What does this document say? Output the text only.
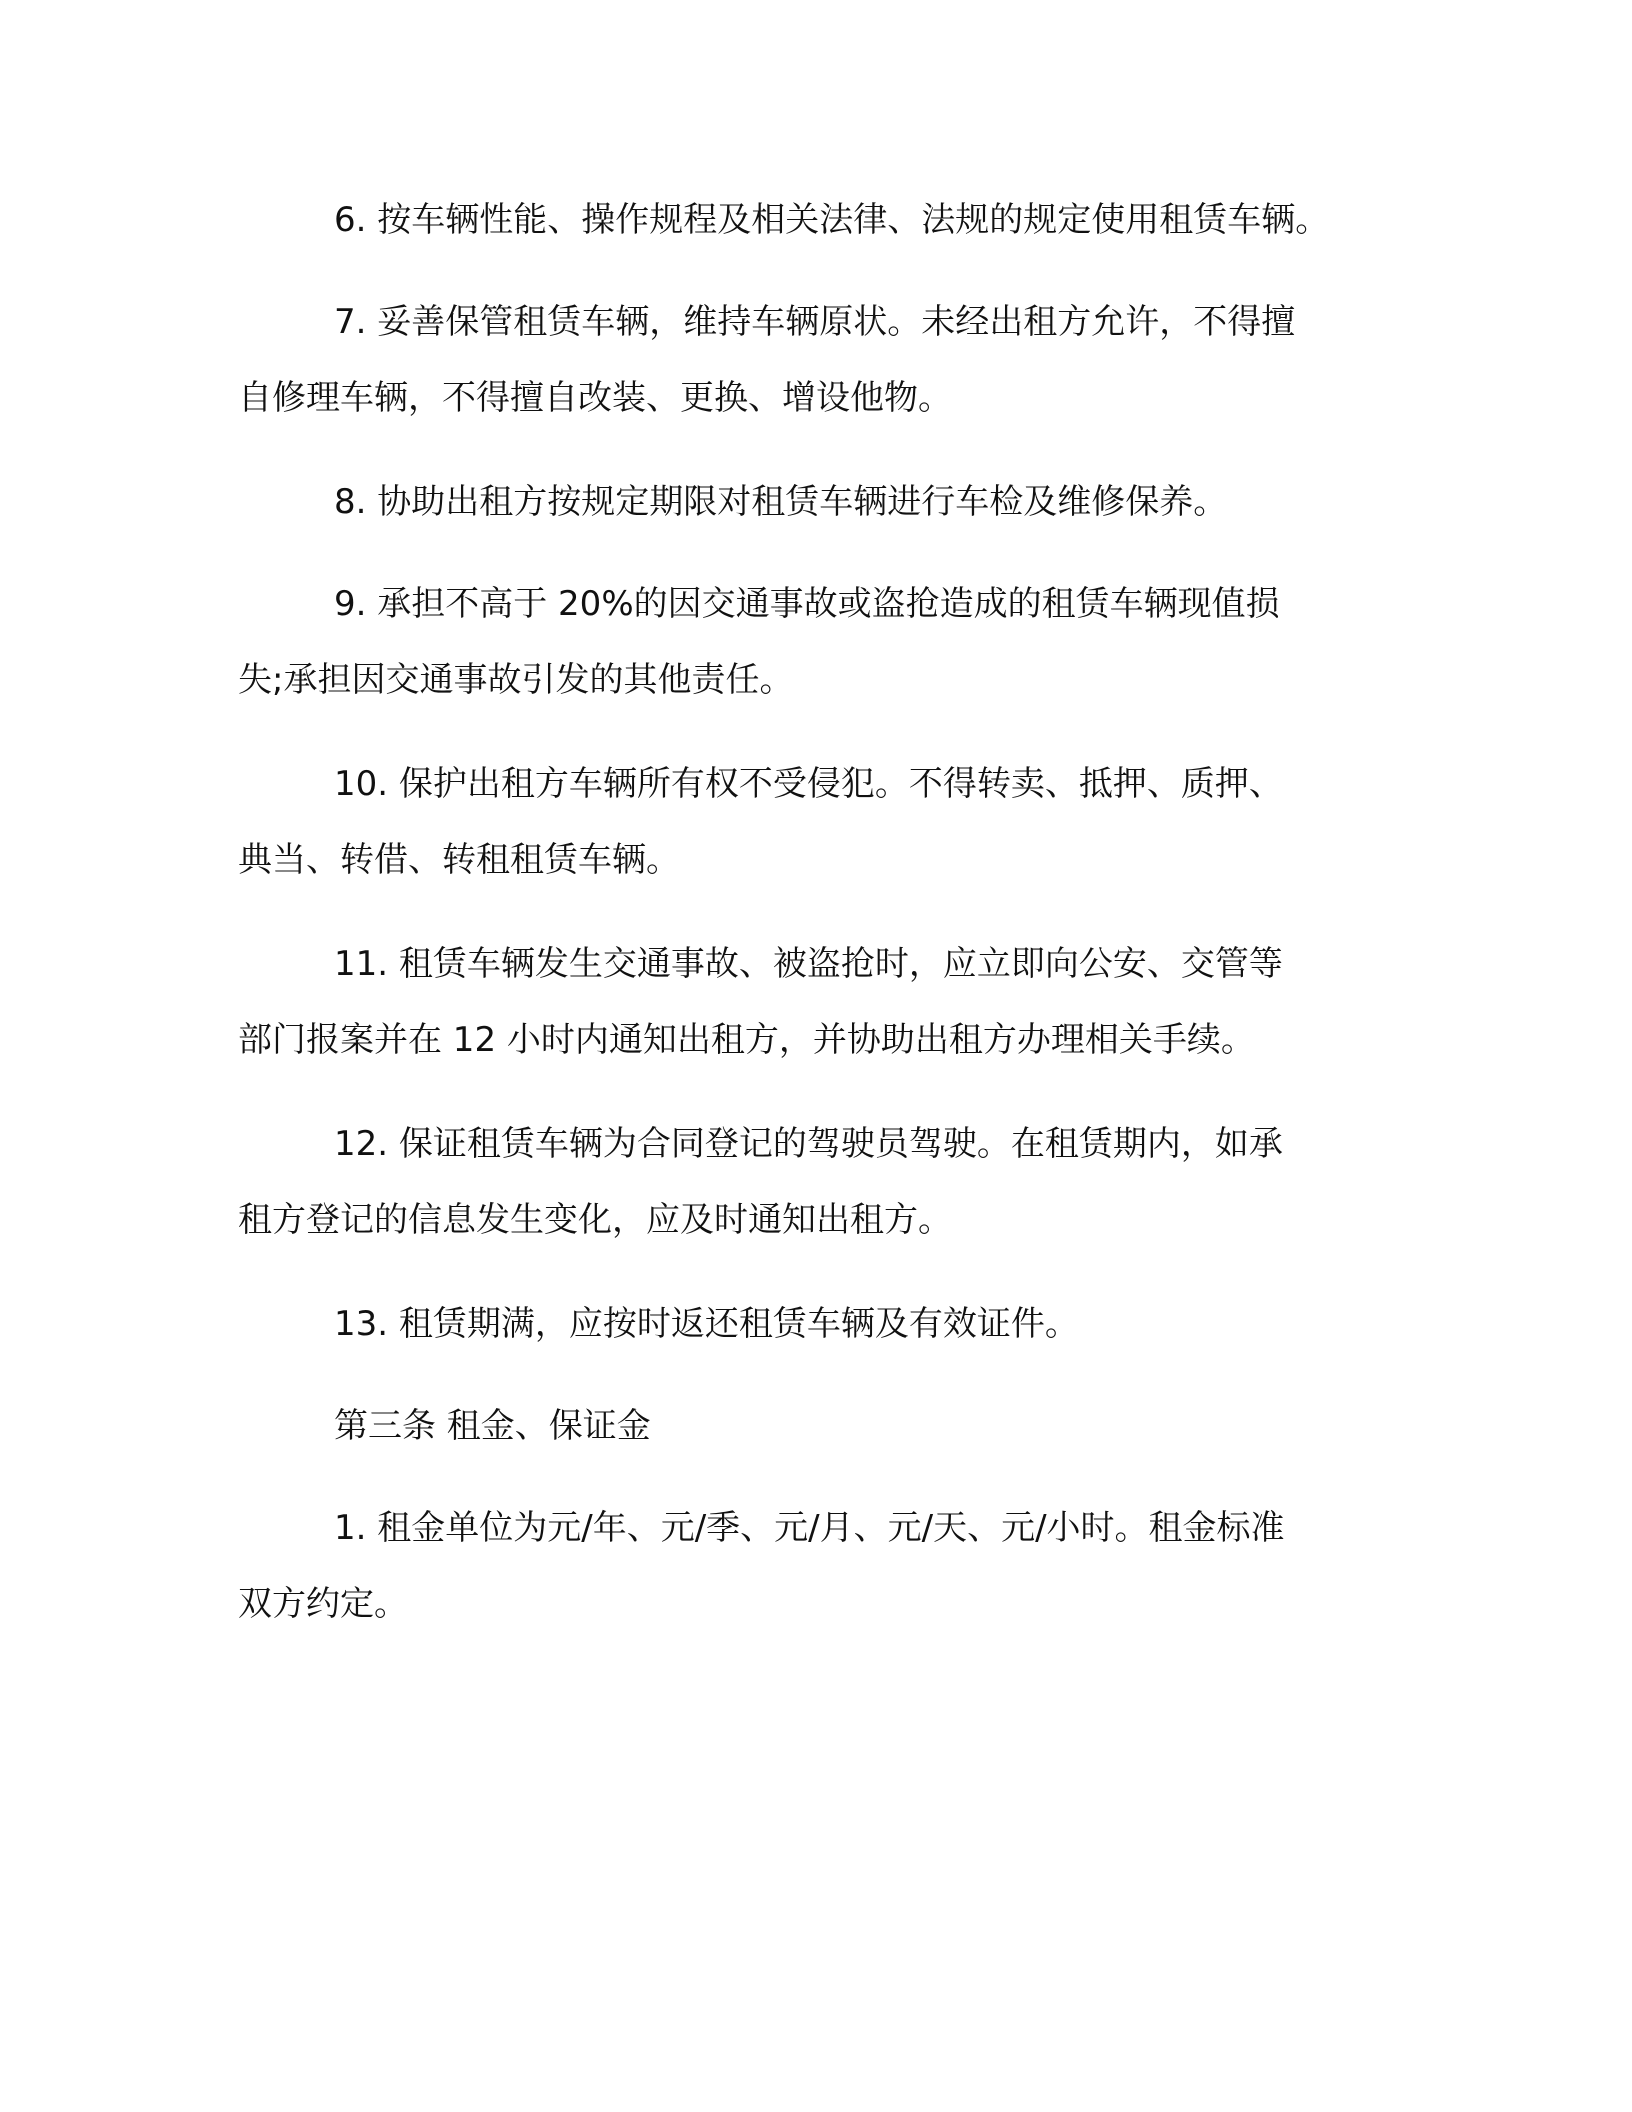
6. 按车辆性能、操作规程及相关法律、法规的规定使用租赁车辆。

7. 妥善保管租赁车辆，维持车辆原状。未经出租方允许，不得擅
自修理车辆，不得擅自改装、更换、增设他物。

8. 协助出租方按规定期限对租赁车辆进行车检及维修保养。

9. 承担不高于 20%的因交通事故或盗抢造成的租赁车辆现值损
失;承担因交通事故引发的其他责任。

10. 保护出租方车辆所有权不受侵犯。不得转卖、抵押、质押、
典当、转借、转租租赁车辆。

11. 租赁车辆发生交通事故、被盗抢时，应立即向公安、交管等
部门报案并在 12 小时内通知出租方，并协助出租方办理相关手续。

12. 保证租赁车辆为合同登记的驾驶员驾驶。在租赁期内，如承
租方登记的信息发生变化，应及时通知出租方。

13. 租赁期满，应按时返还租赁车辆及有效证件。

第三条 租金、保证金

1. 租金单位为元/年、元/季、元/月、元/天、元/小时。租金标准
双方约定。
